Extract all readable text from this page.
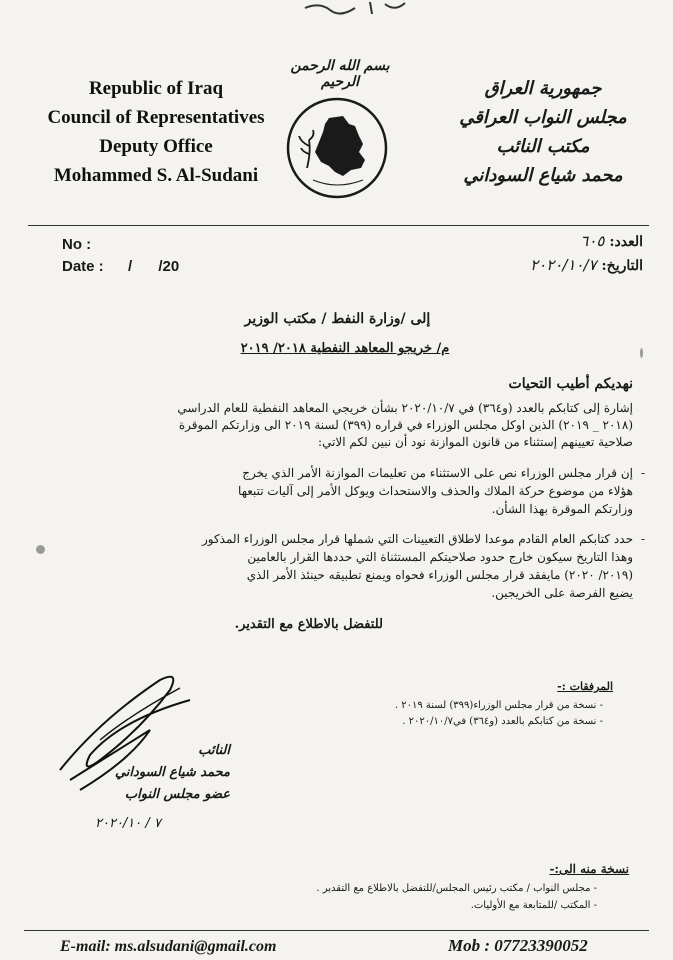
Republic of Iraq
Council of Representatives
Deputy Office
Mohammed S. Al-Sudani
بسم الله الرحمن الرحيم	جمهورية العراق
مجلس النواب العراقي
مكتب النائب
محمد شياع السوداني
No :
Date : / /20
العدد: ٦٠٥
التاريخ: ٢٠٢٠/١٠/٧
إلى /وزارة النفط / مكتب الوزير
م/ خريجو المعاهد النفطية ٢٠١٨/ ٢٠١٩
نهديكم أطيب التحيات
إشارة إلى كتابكم بالعدد (و٣٦٤) في ٢٠٢٠/١٠/٧ بشأن خريجي المعاهد النفطية للعام الدراسي
(٢٠١٨ _ ٢٠١٩) الذين اوكل مجلس الوزراء في قراره (٣٩٩) لسنة ٢٠١٩ الى وزارتكم الموقرة
صلاحية تعيينهم إستثناء من قانون الموازنة نود أن نبين لكم الاتي:
-
إن قرار مجلس الوزراء نص على الاستثناء من تعليمات الموازنة الأمر الذي يخرج
هؤلاء من موضوع حركة الملاك والحذف والاستحداث ويوكل الأمر إلى آليات تتبعها
وزارتكم الموقرة بهذا الشأن.
-
حدد كتابكم العام القادم موعدا لاطلاق التعيينات التي شملها قرار مجلس الوزراء المذكور
وهذا التاريخ سيكون خارج حدود صلاحيتكم المستثناة التي حددها القرار بالعامين
(٢٠١٩/ ٢٠٢٠) مايفقد قرار مجلس الوزراء فحواه ويمنع تطبيقه حينئذ الأمر الذي
يضيع الفرصة على الخريجين.
للتفضل بالاطلاع مع التقدير.
المرفقات :-
- نسخة من قرار مجلس الوزراء(٣٩٩) لسنة ٢٠١٩ .
- نسخة من كتابكم بالعدد (و٣٦٤) في٢٠٢٠/١٠/٧ .
النائب
محمد شياع السوداني
عضو مجلس النواب
٧ / ٢٠٢٠/١٠
نسخة منه الى:-
- مجلس النواب / مكتب رئيس المجلس/للتفضل بالاطلاع مع التقدير .
- المكتب /للمتابعة مع الأوليات.
E-mail: ms.alsudani@gmail.com	Mob : 07723390052
